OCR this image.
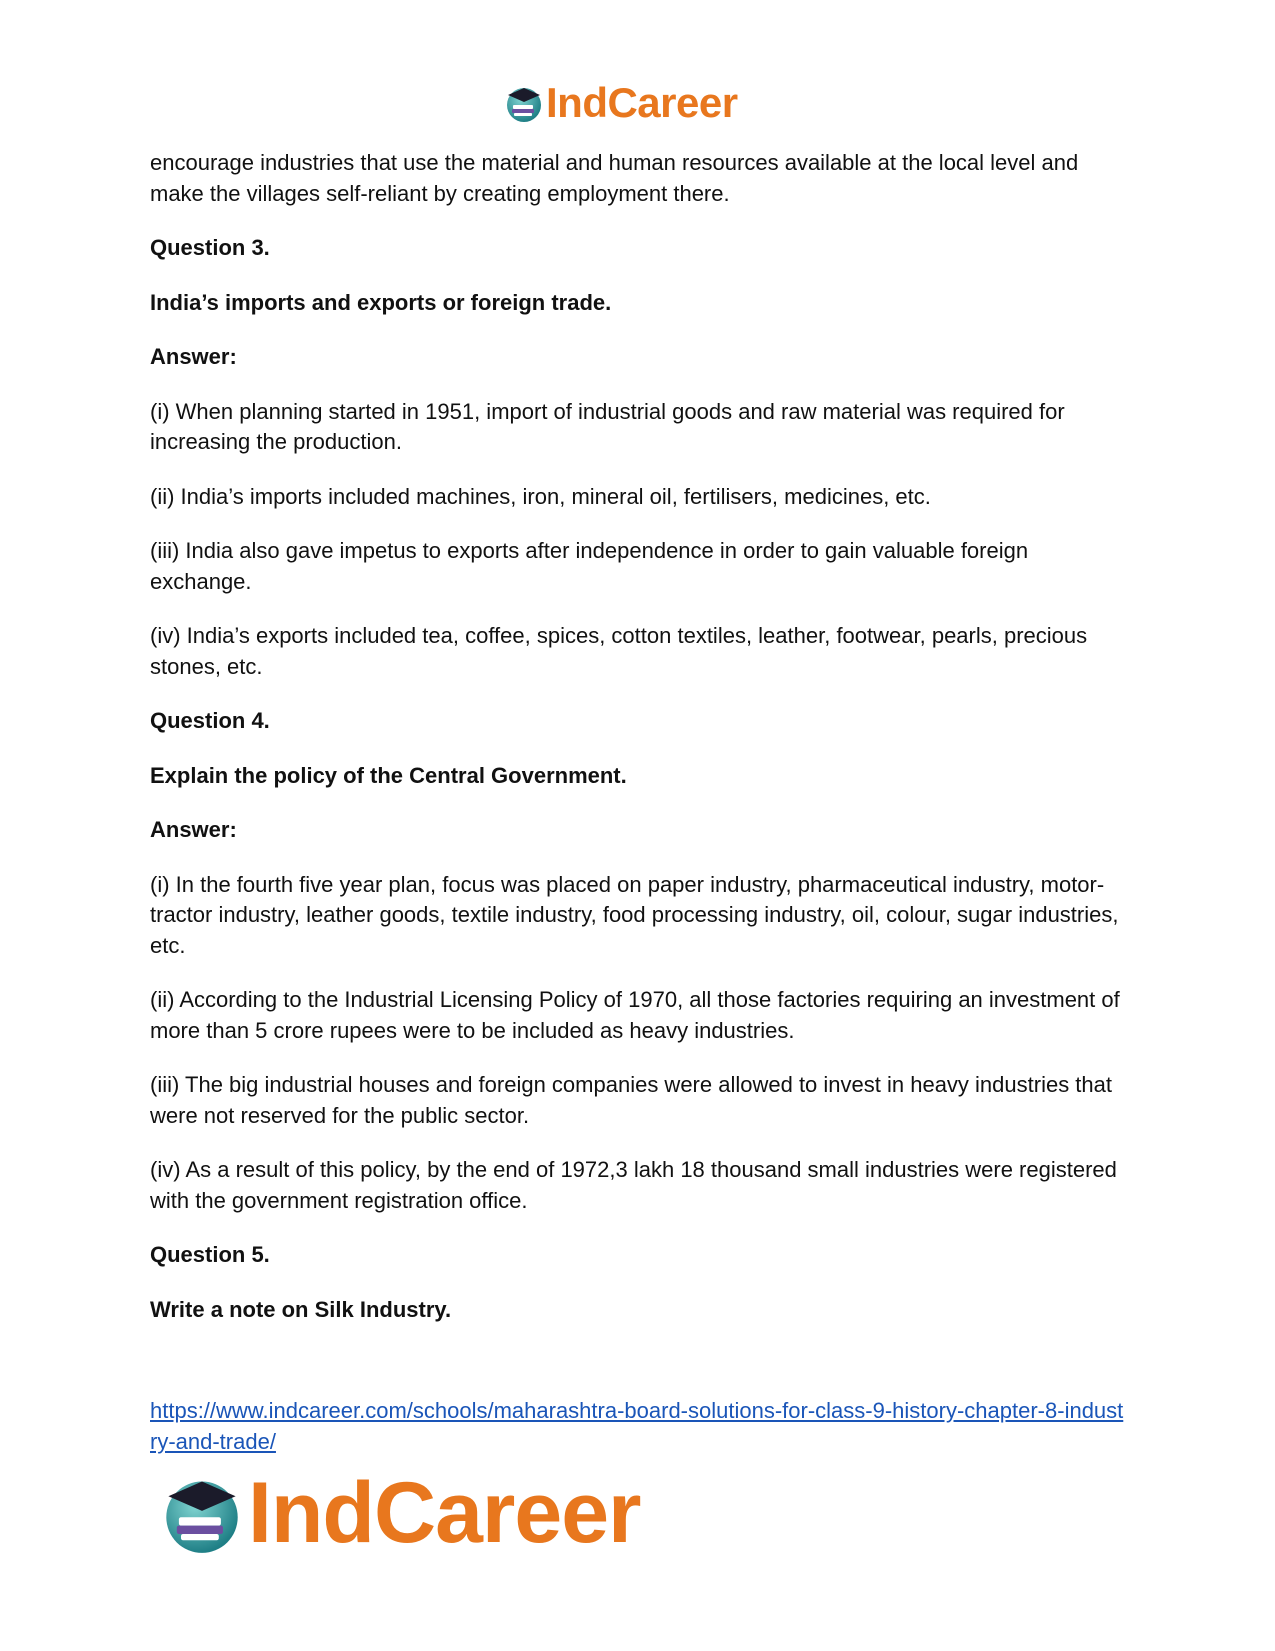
IndCareer

encourage industries that use the material and human resources available at the local level and make the villages self-reliant by creating employment there.

Question 3.

India’s imports and exports or foreign trade.

Answer:

(i) When planning started in 1951, import of industrial goods and raw material was required for increasing the production.

(ii) India’s imports included machines, iron, mineral oil, fertilisers, medicines, etc.

(iii) India also gave impetus to exports after independence in order to gain valuable foreign exchange.

(iv) India’s exports included tea, coffee, spices, cotton textiles, leather, footwear, pearls, precious stones, etc.

Question 4.

Explain the policy of the Central Government.

Answer:

(i) In the fourth five year plan, focus was placed on paper industry, pharmaceutical industry, motor-tractor industry, leather goods, textile industry, food processing industry, oil, colour, sugar industries, etc.

(ii) According to the Industrial Licensing Policy of 1970, all those factories requiring an investment of more than 5 crore rupees were to be included as heavy industries.

(iii) The big industrial houses and foreign companies were allowed to invest in heavy industries that were not reserved for the public sector.

(iv) As a result of this policy, by the end of 1972,3 lakh 18 thousand small industries were registered with the government registration office.

Question 5.

Write a note on Silk Industry.

https://www.indcareer.com/schools/maharashtra-board-solutions-for-class-9-history-chapter-8-industry-and-trade/
IndCareer
